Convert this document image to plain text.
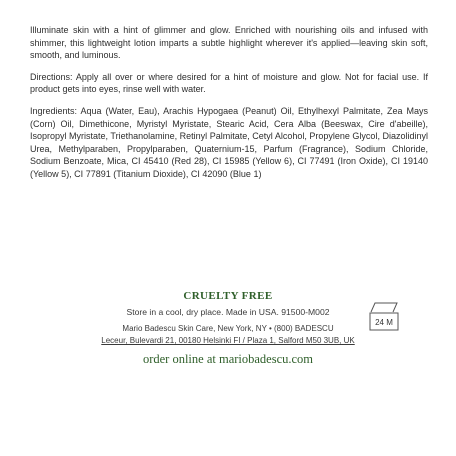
Illuminate skin with a hint of glimmer and glow. Enriched with nourishing oils and infused with shimmer, this lightweight lotion imparts a subtle highlight wherever it's applied—leaving skin soft, smooth, and luminous.

Directions: Apply all over or where desired for a hint of moisture and glow. Not for facial use. If product gets into eyes, rinse well with water.

Ingredients: Aqua (Water, Eau), Arachis Hypogaea (Peanut) Oil, Ethylhexyl Palmitate, Zea Mays (Corn) Oil, Dimethicone, Myristyl Myristate, Stearic Acid, Cera Alba (Beeswax, Cire d'abeille), Isopropyl Myristate, Triethanolamine, Retinyl Palmitate, Cetyl Alcohol, Propylene Glycol, Diazolidinyl Urea, Methylparaben, Propylparaben, Quaternium-15, Parfum (Fragrance), Sodium Chloride, Sodium Benzoate, Mica, CI 45410 (Red 28), CI 15985 (Yellow 6), CI 77491 (Iron Oxide), CI 19140 (Yellow 5), CI 77891 (Titanium Dioxide), CI 42090 (Blue 1)

CRUELTY FREE
Store in a cool, dry place. Made in USA. 91500-M002
Mario Badescu Skin Care, New York, NY • (800) BADESCU
Leceur, Bulevardi 21, 00180 Helsinki FI / Plaza 1, Salford M50 3UB, UK
order online at mariobadescu.com
24 M
